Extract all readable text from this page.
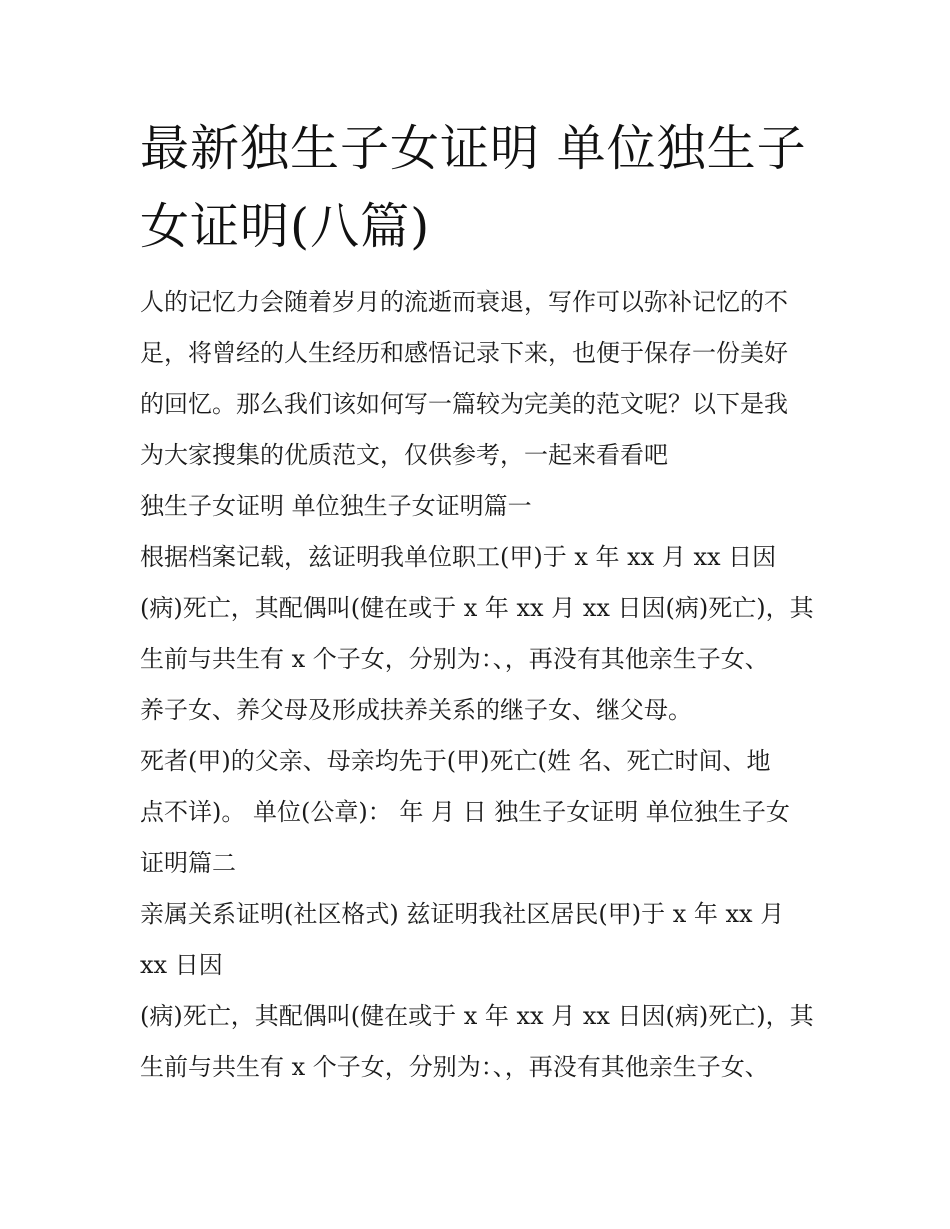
最新独生子女证明 单位独生子
女证明(八篇)
人的记忆力会随着岁月的流逝而衰退，写作可以弥补记忆的不
足，将曾经的人生经历和感悟记录下来，也便于保存一份美好
的回忆。那么我们该如何写一篇较为完美的范文呢？以下是我
为大家搜集的优质范文，仅供参考，一起来看看吧
独生子女证明 单位独生子女证明篇一
根据档案记载，兹证明我单位职工(甲)于 x 年 xx 月 xx 日因
(病)死亡，其配偶叫(健在或于 x 年 xx 月 xx 日因(病)死亡)，其
生前与共生有 x 个子女，分别为：、，再没有其他亲生子女、
养子女、养父母及形成扶养关系的继子女、继父母。
死者(甲)的父亲、母亲均先于(甲)死亡(姓 名、死亡时间、地
点不详)。 单位(公章)： 年 月 日 独生子女证明 单位独生子女
证明篇二
亲属关系证明(社区格式) 兹证明我社区居民(甲)于 x 年 xx 月
xx 日因
(病)死亡，其配偶叫(健在或于 x 年 xx 月 xx 日因(病)死亡)，其
生前与共生有 x 个子女，分别为：、，再没有其他亲生子女、
